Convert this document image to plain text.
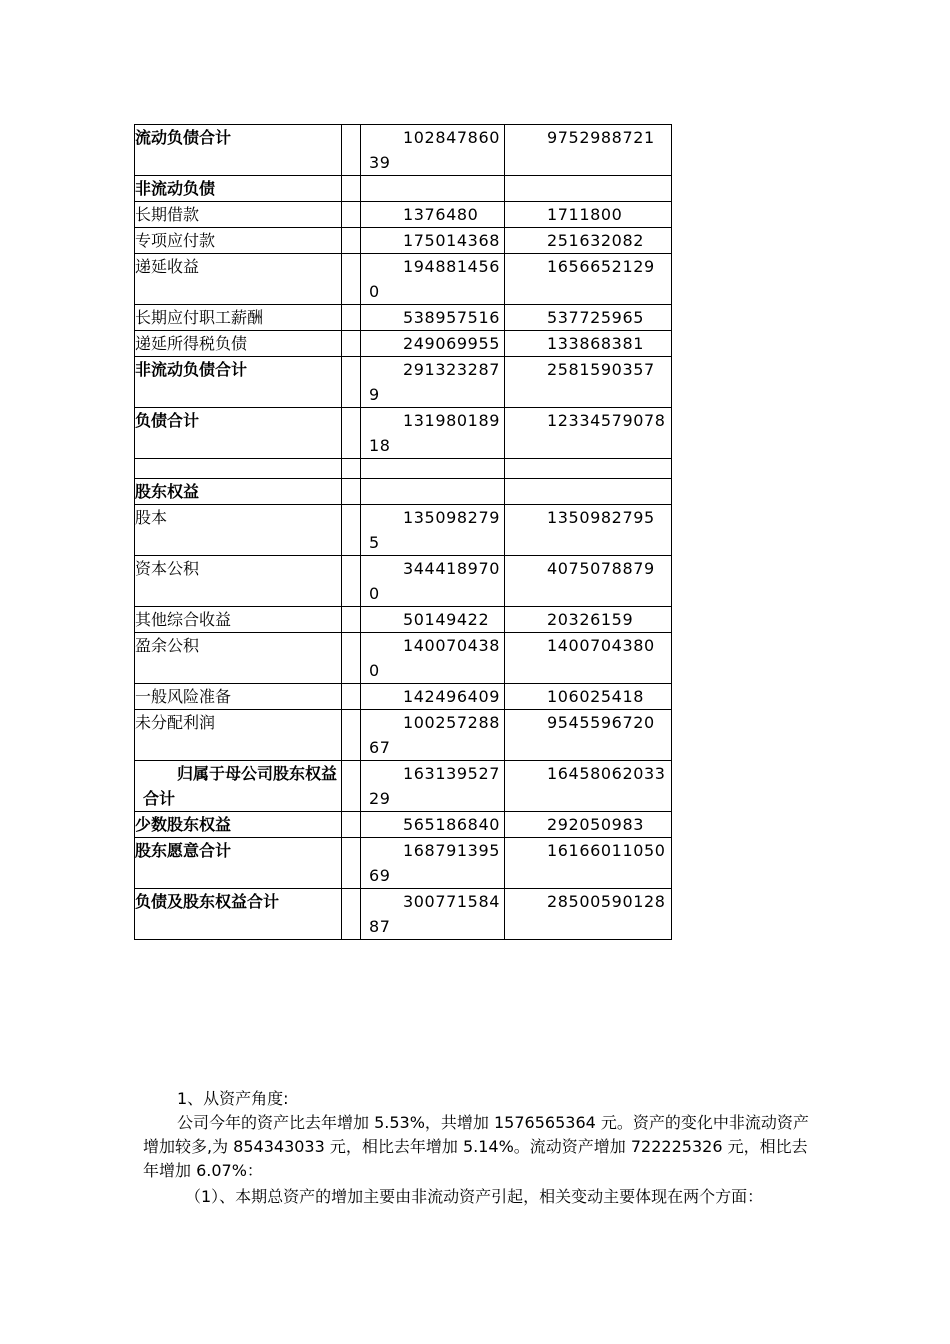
流动负债合计		10284786039	9752988721

非流动负债		

长期借款		1376480	1711800

专项应付款		175014368	251632082

递延收益		1948814560	1656652129

长期应付职工薪酬		538957516	537725965

递延所得税负债		249069955	133868381

非流动负债合计		2913232879	2581590357

负债合计		13198018918	12334579078

股东权益		

股本		1350982795	1350982795

资本公积		3444189700	4075078879

其他综合收益		50149422	20326159

盈余公积		1400704380	1400704380

一般风险准备		142496409	106025418

未分配利润		10025728867	9545596720

归属于母公司股东权益合计		16313952729	16458062033

少数股东权益		565186840	292050983

股东愿意合计		16879139569	16166011050

负债及股东权益合计		30077158487	28500590128
1、从资产角度:
公司今年的资产比去年增加 5.53%，共增加 1576565364 元。资产的变化中非流动资产增加较多,为 854343033 元，相比去年增加 5.14%。流动资产增加 722225326 元，相比去年增加 6.07%：
（1）、本期总资产的增加主要由非流动资产引起，相关变动主要体现在两个方面：
